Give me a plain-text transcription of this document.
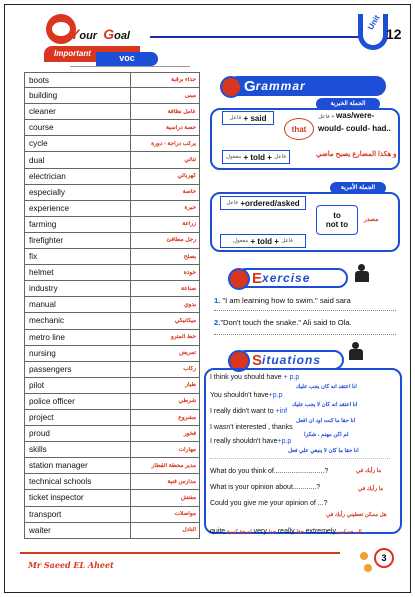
Your Goal
Unit
12
Important	voc
boots	حذاء برقبة
building	مبنى
cleaner	عامل نظافة
course	حصة دراسية
cycle	يركب دراجة - دورة
dual	ثنائي
electrician	كهربائي
especially	خاصة
experience	خبرة
farming	زراعة
firefighter	رجل مطافئ
fix	يصلح
helmet	خوذة
industry	صناعة
manual	يدوي
mechanic	ميكانيكي
metro line	خط المترو
nursing	تمريض
passengers	ركاب
pilot	طيار
police officer	شرطي
project	مشروع
proud	فخور
skills	مهارات
station manager	مدير محطة القطار
technical schools	مدارس فنية
ticket inspector	مفتش
transport	مواصلات
waiter	النادل
G rammar
الجملة الخبرية
فاعل
+ said
that
مفعول
+ told +
فاعل
فاعل + was/were-would- could- had..
و هكذا المضارع يصبح ماضي
الجملة الأمرية
فاعل
+ordered/asked
مفعول
+ told +
فاعل
to
not to	مصدر
E xercise
1. "I am learning how to swim." said sara
2."Don't touch the snake." Ali said to Ola.
S ituations
I think you should have + p.p
انا اعتقد انه كان يجب عليك
You shouldn't have+p.p
انا اعتقد انه كان لا يجب عليك
I really didn't want to +inf
انا حقا ما كنت اود ان افعل
I wasn't interested , thanks
لم اكن مهتم ، شكرا
I really shouldn't have+p.p
انا حقا ما كان لا ينبغي علي فعل
What do you think of..........................?	ما رأيك في
What is your opinion about............?	ما رأيك في
Could you give me your opinion of ...?
هل ممكن تعطيني رأيك في
quite لدرجة كبيرة very جدا really حقا extremely إلى حد كبير
Mr Saeed EL Aheet
3
